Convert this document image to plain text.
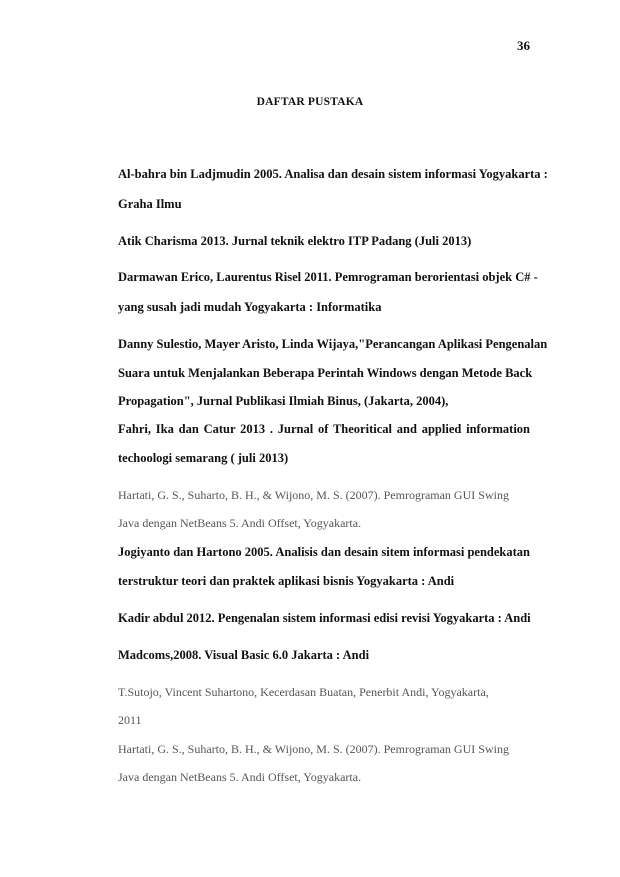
36
DAFTAR PUSTAKA
Al-bahra bin Ladjmudin 2005. Analisa dan desain sistem informasi Yogyakarta :
Graha Ilmu
Atik Charisma 2013. Jurnal teknik elektro ITP Padang (Juli 2013)
Darmawan Erico, Laurentus Risel 2011. Pemrograman berorientasi objek C# -
yang susah jadi mudah Yogyakarta : Informatika
Danny Sulestio, Mayer Aristo, Linda Wijaya,"Perancangan Aplikasi Pengenalan
Suara untuk Menjalankan Beberapa Perintah Windows dengan Metode Back
Propagation", Jurnal Publikasi Ilmiah Binus, (Jakarta, 2004),
Fahri, Ika dan Catur 2013 . Jurnal of Theoritical and applied information
techoologi semarang ( juli 2013)
Hartati, G. S., Suharto, B. H., & Wijono, M. S. (2007). Pemrograman GUI Swing
Java dengan NetBeans 5. Andi Offset, Yogyakarta.
Jogiyanto dan Hartono 2005. Analisis dan desain sitem informasi pendekatan
terstruktur teori dan praktek aplikasi bisnis Yogyakarta : Andi
Kadir abdul 2012. Pengenalan sistem informasi edisi revisi Yogyakarta : Andi
Madcoms,2008. Visual Basic 6.0 Jakarta : Andi
T.Sutojo, Vincent Suhartono, Kecerdasan Buatan, Penerbit Andi, Yogyakarta,
2011
Hartati, G. S., Suharto, B. H., & Wijono, M. S. (2007). Pemrograman GUI Swing
Java dengan NetBeans 5. Andi Offset, Yogyakarta.
